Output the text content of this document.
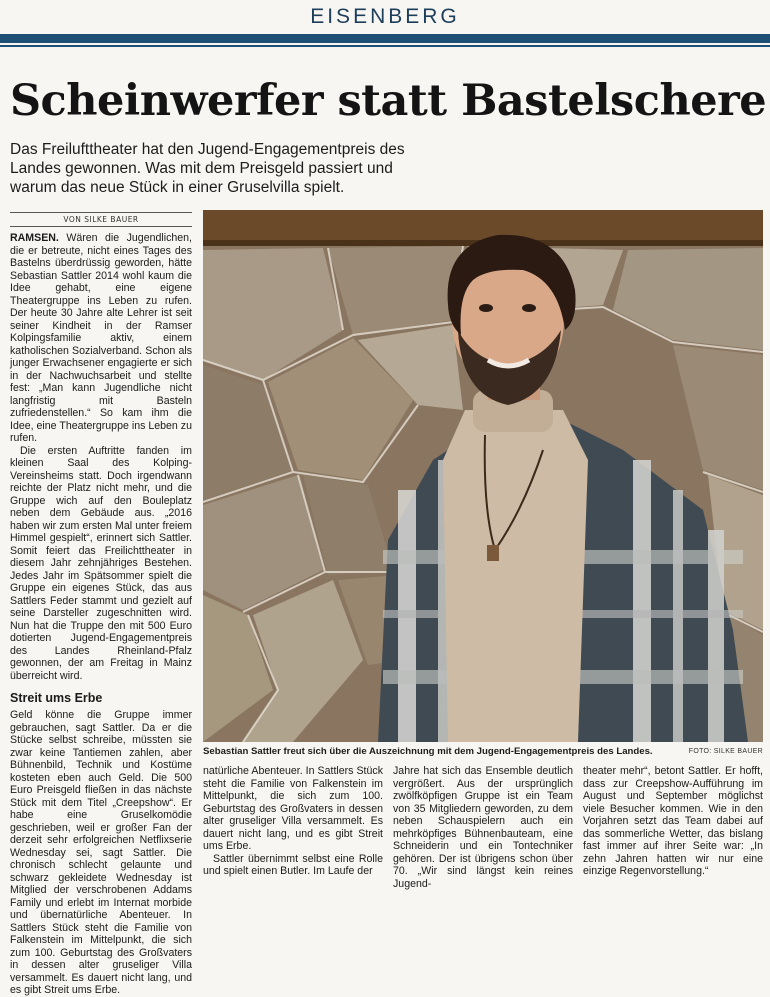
EISENBERG
Scheinwerfer statt Bastelschere
Das Freilufttheater hat den Jugend-Engagementpreis des Landes gewonnen. Was mit dem Preisgeld passiert und warum das neue Stück in einer Gruselvilla spielt.
VON SILKE BAUER

RAMSEN. Wären die Jugendlichen, die er betreute, nicht eines Tages des Bastelns überdrüssig geworden, hätte Sebastian Sattler 2014 wohl kaum die Idee gehabt, eine eigene Theatergruppe ins Leben zu rufen. Der heute 30 Jahre alte Lehrer ist seit seiner Kindheit in der Ramser Kolpingsfamilie aktiv, einem katholischen Sozialverband. Schon als junger Erwachsener engagierte er sich in der Nachwuchsarbeit und stellte fest: „Man kann Jugendliche nicht langfristig mit Basteln zufriedenstellen.“ So kam ihm die Idee, eine Theatergruppe ins Leben zu rufen.

Die ersten Auftritte fanden im kleinen Saal des Kolping-Vereinsheims statt. Doch irgendwann reichte der Platz nicht mehr, und die Gruppe wich auf den Bouleplatz neben dem Gebäude aus. „2016 haben wir zum ersten Mal unter freiem Himmel gespielt“, erinnert sich Sattler. Somit feiert das Freilichttheater in diesem Jahr zehnjähriges Bestehen. Jedes Jahr im Spätsommer spielt die Gruppe ein eigenes Stück, das aus Sattlers Feder stammt und gezielt auf seine Darsteller zugeschnitten wird. Nun hat die Truppe den mit 500 Euro dotierten Jugend-Engagementpreis des Landes Rheinland-Pfalz gewonnen, der am Freitag in Mainz überreicht wird.

Streit ums Erbe

Geld könne die Gruppe immer gebrauchen, sagt Sattler. Da er die Stücke selbst schreibe, müssten sie zwar keine Tantiemen zahlen, aber Bühnenbild, Technik und Kostüme kosteten eben auch Geld. Die 500 Euro Preisgeld fließen in das nächste Stück mit dem Titel „Creepshow“. Er habe eine Gruselkomödie geschrieben, weil er großer Fan der derzeit sehr erfolgreichen Netflixserie Wednesday sei, sagt Sattler. Die chronisch schlecht gelaunte und schwarz gekleidete Wednesday ist Mitglied der verschrobenen Addams Family und erlebt im Internat morbide und übernatürliche Abenteuer. In Sattlers Stück steht die Familie von Falkenstein im Mittelpunkt, die sich zum 100. Geburtstag des Großvaters in dessen alter gruseliger Villa versammelt. Es dauert nicht lang, und es gibt Streit ums Erbe.

Sebastian Sattler freut sich über die Auszeichnung mit dem Jugend-Engagementpreis des Landes.	FOTO: SILKE BAUER

natürliche Abenteuer. In Sattlers Stück steht die Familie von Falkenstein im Mittelpunkt, die sich zum 100. Geburtstag des Großvaters in dessen alter gruseliger Villa versammelt. Es dauert nicht lang, und es gibt Streit ums Erbe.

Sattler übernimmt selbst eine Rolle und spielt einen Butler. Im Laufe der

Jahre hat sich das Ensemble deutlich vergrößert. Aus der ursprünglich zwölfköpfigen Gruppe ist ein Team von 35 Mitgliedern geworden, zu dem neben Schauspielern auch ein mehrköpfiges Bühnenbauteam, eine Schneiderin und ein Tontechniker gehören. Der ist übrigens schon über 70. „Wir sind längst kein reines Jugend-

theater mehr“, betont Sattler. Er hofft, dass zur Creepshow-Aufführung im August und September möglichst viele Besucher kommen. Wie in den Vorjahren setzt das Team dabei auf das sommerliche Wetter, das bislang fast immer auf ihrer Seite war: „In zehn Jahren hatten wir nur eine einzige Regenvorstellung.“
